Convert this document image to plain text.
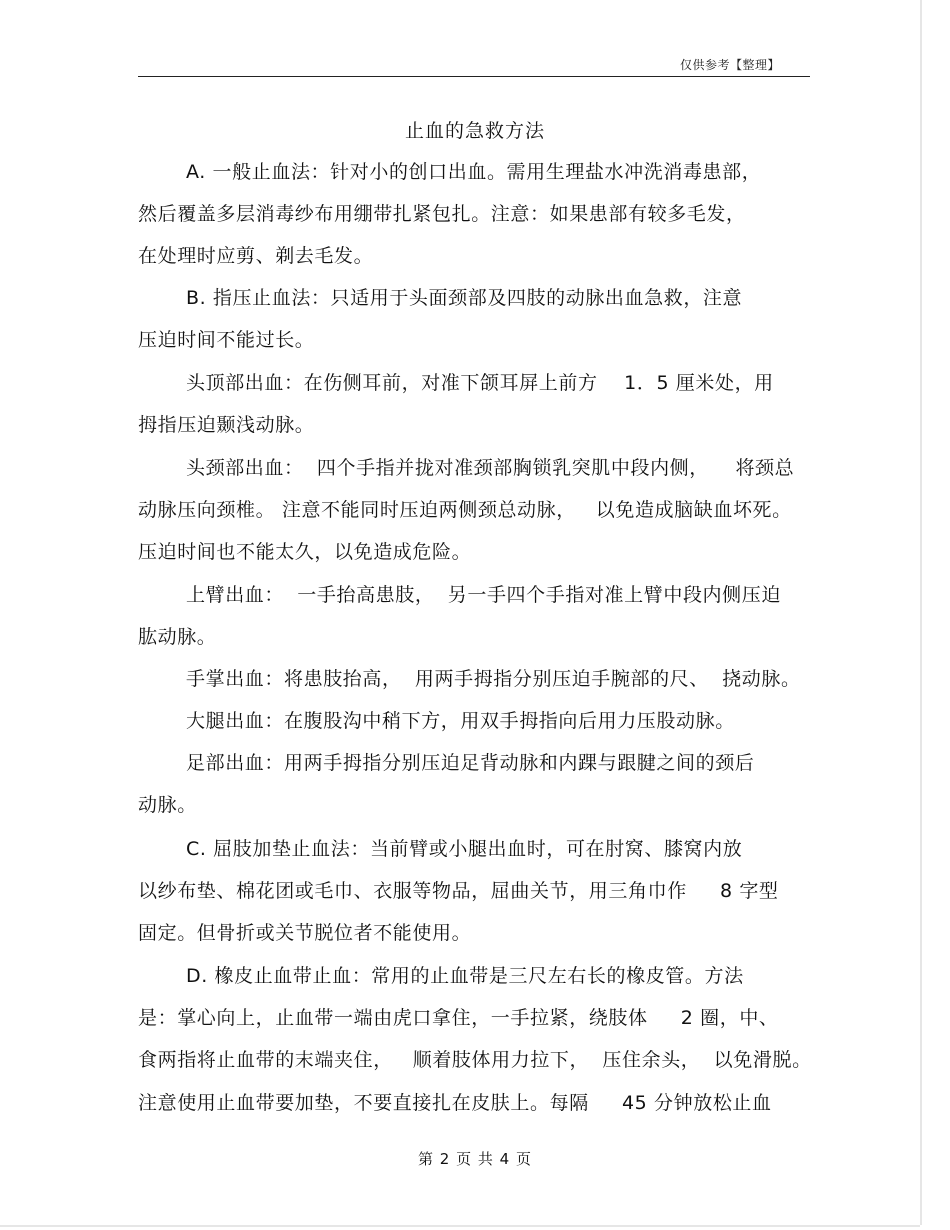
仅供参考【整理】
止血的急救方法
A. 一般止血法：针对小的创口出血。需用生理盐水冲洗消毒患部，
然后覆盖多层消毒纱布用绷带扎紧包扎。注意：如果患部有较多毛发，
在处理时应剪、剃去毛发。
B. 指压止血法：只适用于头面颈部及四肢的动脉出血急救，注意
压迫时间不能过长。
头顶部出血：在伤侧耳前，对准下颌耳屏上前方    1．5 厘米处，用
拇指压迫颞浅动脉。
头颈部出血：  四个手指并拢对准颈部胸锁乳突肌中段内侧，    将颈总
动脉压向颈椎。 注意不能同时压迫两侧颈总动脉，   以免造成脑缺血坏死。
压迫时间也不能太久，以免造成危险。
上臂出血：  一手抬高患肢，  另一手四个手指对准上臂中段内侧压迫
肱动脉。
手掌出血：将患肢抬高，  用两手拇指分别压迫手腕部的尺、  挠动脉。
大腿出血：在腹股沟中稍下方，用双手拇指向后用力压股动脉。
足部出血：用两手拇指分别压迫足背动脉和内踝与跟腱之间的颈后
动脉。
C. 屈肢加垫止血法：当前臂或小腿出血时，可在肘窝、膝窝内放
以纱布垫、棉花团或毛巾、衣服等物品，屈曲关节，用三角巾作     8 字型
固定。但骨折或关节脱位者不能使用。
D. 橡皮止血带止血：常用的止血带是三尺左右长的橡皮管。方法
是：掌心向上，止血带一端由虎口拿住，一手拉紧，绕肢体     2 圈，中、
食两指将止血带的末端夹住，   顺着肢体用力拉下，  压住余头，  以免滑脱。
注意使用止血带要加垫，不要直接扎在皮肤上。每隔     45 分钟放松止血
第 2 页 共 4 页
